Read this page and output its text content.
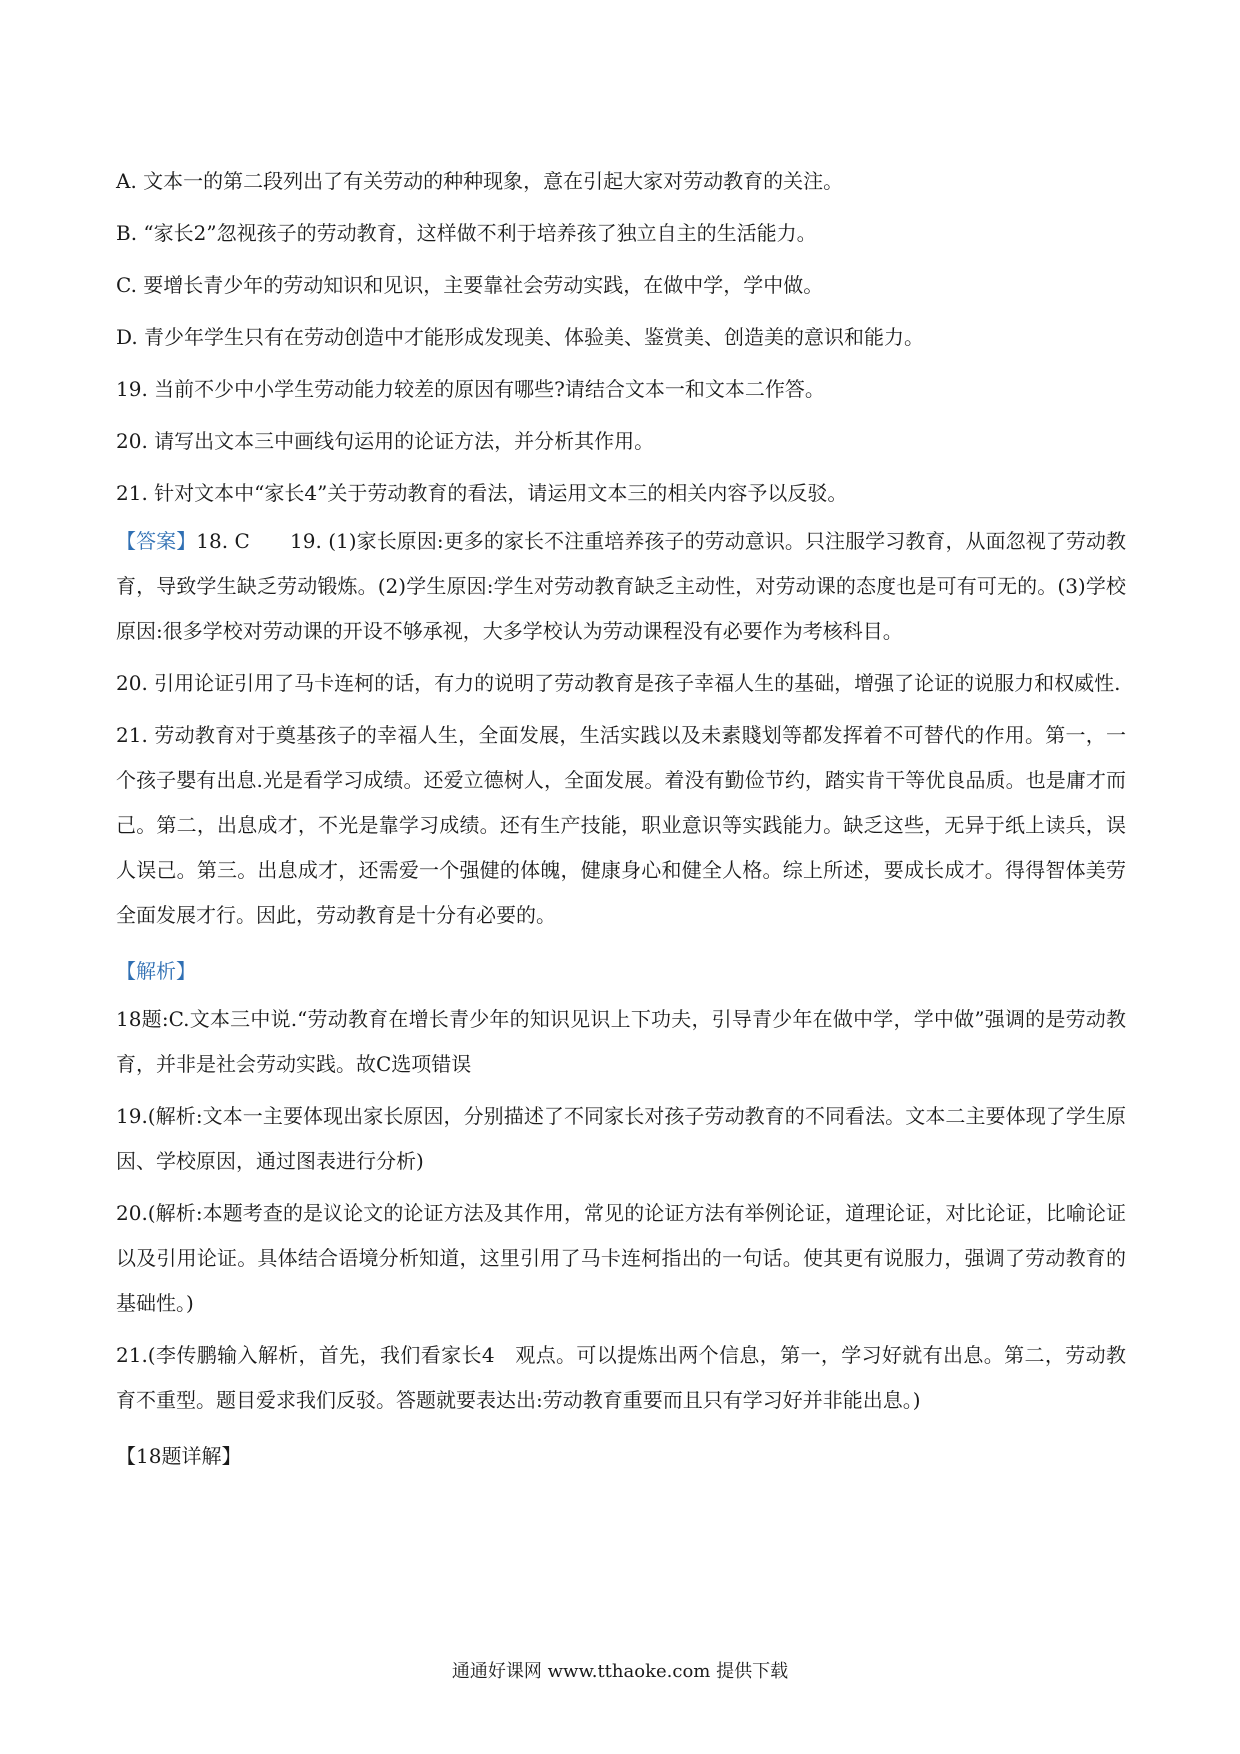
A. 文本一的第二段列出了有关劳动的种种现象，意在引起大家对劳动教育的关注。

B. “家长2”忽视孩子的劳动教育，这样做不利于培养孩了独立自主的生活能力。

C. 要增长青少年的劳动知识和见识，主要靠社会劳动实践，在做中学，学中做。

D. 青少年学生只有在劳动创造中才能形成发现美、体验美、鉴赏美、创造美的意识和能力。

19. 当前不少中小学生劳动能力较差的原因有哪些?请结合文本一和文本二作答。

20. 请写出文本三中画线句运用的论证方法，并分析其作用。

21. 针对文本中“家长4”关于劳动教育的看法，请运用文本三的相关内容予以反驳。

【答案】18. C　　19. (1)家长原因:更多的家长不注重培养孩子的劳动意识。只注服学习教育，从面忽视了劳动教育，导致学生缺乏劳动锻炼。(2)学生原因:学生对劳动教育缺乏主动性，对劳动课的态度也是可有可无的。(3)学校原因:很多学校对劳动课的开设不够承视，大多学校认为劳动课程没有必要作为考核科目。

20. 引用论证引用了马卡连柯的话，有力的说明了劳动教育是孩子幸福人生的基础，增强了论证的说服力和权威性.

21. 劳动教育对于奠基孩子的幸福人生，全面发展，生活实践以及未素賤划等都发挥着不可替代的作用。第一，一个孩子嬰有出息.光是看学习成绩。还爱立德树人，全面发展。着没有勤俭节约，踏实肯干等优良品质。也是庸才而己。第二，出息成才，不光是靠学习成绩。还有生产技能，职业意识等实践能力。缺乏这些，无异于纸上读兵，误人误己。第三。出息成才，还需爱一个强健的体魄，健康身心和健全人格。综上所述，要成长成才。得得智体美劳全面发展才行。因此，劳动教育是十分有必要的。

【解析】

18题:C.文本三中说.“劳动教育在增长青少年的知识见识上下功夫，引导青少年在做中学，学中做”强调的是劳动教育，并非是社会劳动实践。故C选项错误

19.(解析:文本一主要体现出家长原因，分别描述了不同家长对孩子劳动教育的不同看法。文本二主要体现了学生原因、学校原因，通过图表进行分析)

20.(解析:本题考查的是议论文的论证方法及其作用，常见的论证方法有举例论证，道理论证，对比论证，比喻论证以及引用论证。具体结合语境分析知道，这里引用了马卡连柯指出的一句话。使其更有说服力，强调了劳动教育的基础性。)

21.(李传鹏输入解析，首先，我们看家长4　观点。可以提炼出两个信息，第一，学习好就有出息。第二，劳动教育不重型。题目爱求我们反驳。答题就要表达出:劳动教育重要而且只有学习好并非能出息。)

【18题详解】

通通好课网 www.tthaoke.com 提供下载
